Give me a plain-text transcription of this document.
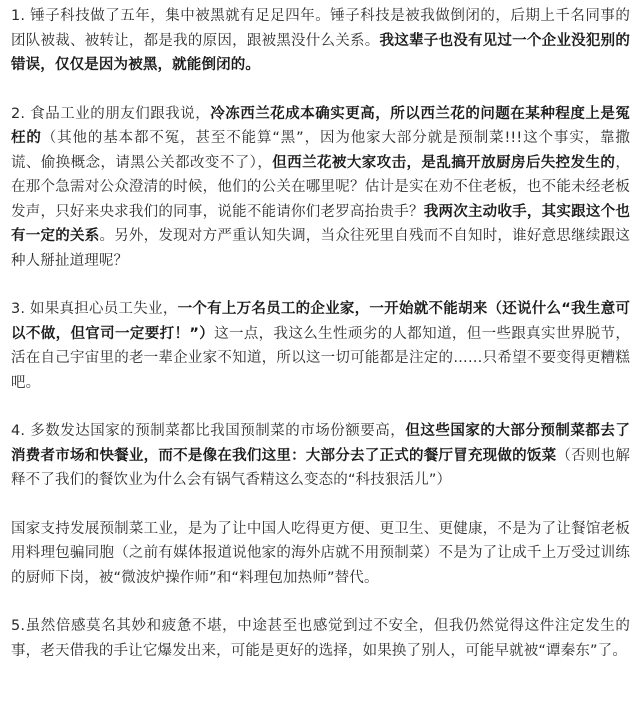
1. 锤子科技做了五年，集中被黑就有足足四年。锤子科技是被我做倒闭的，后期上千名同事的团队被裁、被转让，都是我的原因，跟被黑没什么关系。我这辈子也没有见过一个企业没犯别的错误，仅仅是因为被黑，就能倒闭的。

2. 食品工业的朋友们跟我说，冷冻西兰花成本确实更高，所以西兰花的问题在某种程度上是冤枉的（其他的基本都不冤，甚至不能算“黑”，因为他家大部分就是预制菜!!!这个事实，靠撒谎、偷换概念，请黑公关都改变不了），但西兰花被大家攻击，是乱搞开放厨房后失控发生的，在那个急需对公众澄清的时候，他们的公关在哪里呢？估计是实在劝不住老板，也不能未经老板发声，只好来央求我们的同事，说能不能请你们老罗高抬贵手？我两次主动收手，其实跟这个也有一定的关系。另外，发现对方严重认知失调，当众往死里自残而不自知时，谁好意思继续跟这种人掰扯道理呢？

3. 如果真担心员工失业，一个有上万名员工的企业家，一开始就不能胡来（还说什么“我生意可以不做，但官司一定要打！”）这一点，我这么生性顽劣的人都知道，但一些跟真实世界脱节，活在自己宇宙里的老一辈企业家不知道，所以这一切可能都是注定的……只希望不要变得更糟糕吧。

4. 多数发达国家的预制菜都比我国预制菜的市场份额要高，但这些国家的大部分预制菜都去了消费者市场和快餐业，而不是像在我们这里：大部分去了正式的餐厅冒充现做的饭菜（否则也解释不了我们的餐饮业为什么会有锅气香精这么变态的“科技狠活儿”）

国家支持发展预制菜工业，是为了让中国人吃得更方便、更卫生、更健康，不是为了让餐馆老板用料理包骗同胞（之前有媒体报道说他家的海外店就不用预制菜）不是为了让成千上万受过训练的厨师下岗，被“微波炉操作师”和“料理包加热师”替代。

5.虽然倍感莫名其妙和疲惫不堪，中途甚至也感觉到过不安全，但我仍然觉得这件注定发生的事，老天借我的手让它爆发出来，可能是更好的选择，如果换了别人，可能早就被“谭秦东”了。
